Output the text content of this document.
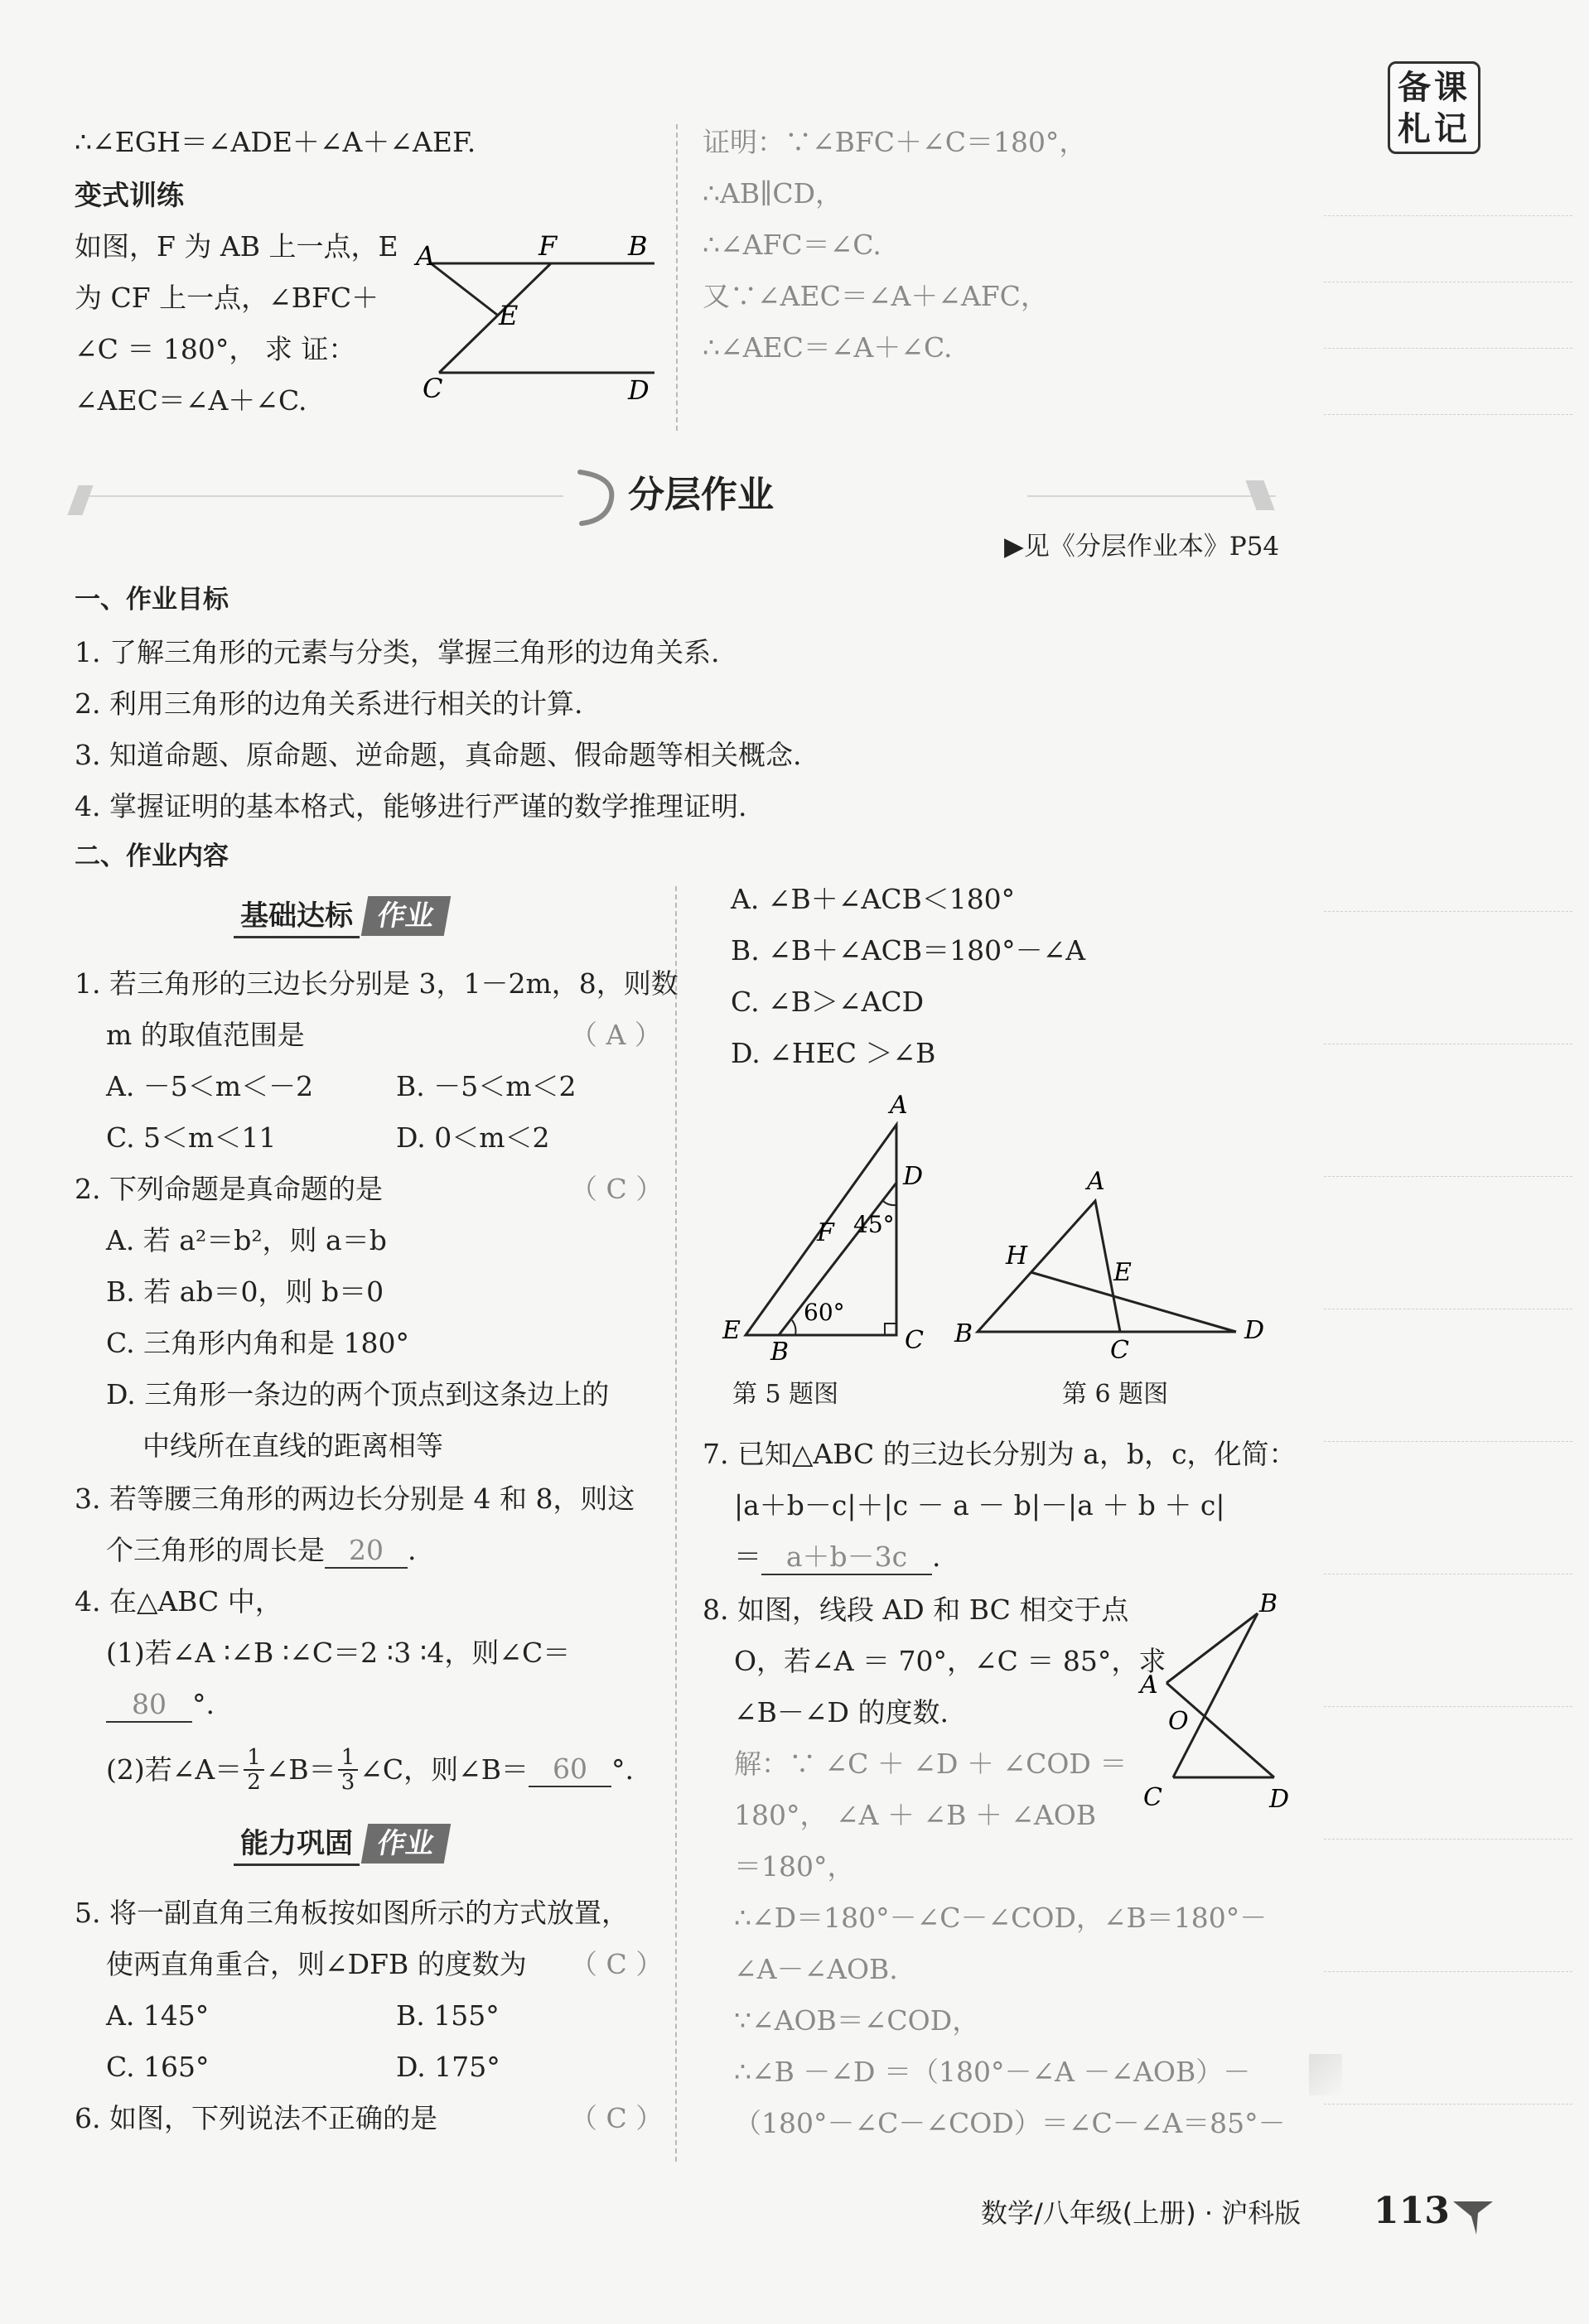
备课札记
∴∠EGH＝∠ADE＋∠A＋∠AEF.
变式训练
如图，F 为 AB 上一点，E
为 CF 上一点，∠BFC＋
∠C ＝ 180°， 求 证：
∠AEC＝∠A＋∠C.
A	F	B
E
C	D
证明：∵∠BFC＋∠C＝180°，
∴AB∥CD，
∴∠AFC＝∠C.
又∵∠AEC＝∠A＋∠AFC，
∴∠AEC＝∠A＋∠C.
分层作业
▶见《分层作业本》P54
一、作业目标
1. 了解三角形的元素与分类，掌握三角形的边角关系.
2. 利用三角形的边角关系进行相关的计算.
3. 知道命题、原命题、逆命题，真命题、假命题等相关概念.
4. 掌握证明的基本格式，能够进行严谨的数学推理证明.
二、作业内容
基础达标 作业
1. 若三角形的三边长分别是 3，1－2m，8，则数
m 的取值范围是	（ A ）
A. －5＜m＜－2	B. －5＜m＜2
C. 5＜m＜11	D. 0＜m＜2
2. 下列命题是真命题的是	（ C ）
A. 若 a²＝b²，则 a＝b
B. 若 ab＝0，则 b＝0
C. 三角形内角和是 180°
D. 三角形一条边的两个顶点到这条边上的
中线所在直线的距离相等
3. 若等腰三角形的两边长分别是 4 和 8，则这
个三角形的周长是 20 .
4. 在△ABC 中，
(1)若∠A ∶∠B ∶∠C＝2 ∶3 ∶4，则∠C＝
80 °.
(2)若∠A＝ $\frac{1}{2}$ ∠B＝ $\frac{1}{3}$ ∠C，则∠B＝ 60 °.
能力巩固 作业
5. 将一副直角三角板按如图所示的方式放置，
使两直角重合，则∠DFB 的度数为 （ C ）
A. 145°	B. 155°
C. 165°	D. 175°
6. 如图，下列说法不正确的是	（ C ）
A. ∠B＋∠ACB＜180°
B. ∠B＋∠ACB＝180°－∠A
C. ∠B＞∠ACD
D. ∠HEC ＞∠B
A
D
F 45°
60°
E
B	C
A
H
E
B
C
D
第 5 题图	第 6 题图
7. 已知△ABC 的三边长分别为 a，b，c，化简：
|a＋b－c|＋|c － a － b|－|a ＋ b ＋ c|
＝ a＋b－3c .
8. 如图，线段 AD 和 BC 相交于点
O，若∠A ＝ 70°，∠C ＝ 85°，求
∠B－∠D 的度数.
B
A
O
C	D
解：∵ ∠C ＋ ∠D ＋ ∠COD ＝
180°， ∠A ＋ ∠B ＋ ∠AOB
＝180°，
∴∠D＝180°－∠C－∠COD，∠B＝180°－
∠A－∠AOB.
∵∠AOB＝∠COD，
∴∠B －∠D ＝（180°－∠A －∠AOB）－
（180°－∠C－∠COD）＝∠C－∠A＝85°－
数学/八年级(上册) · 沪科版 113
